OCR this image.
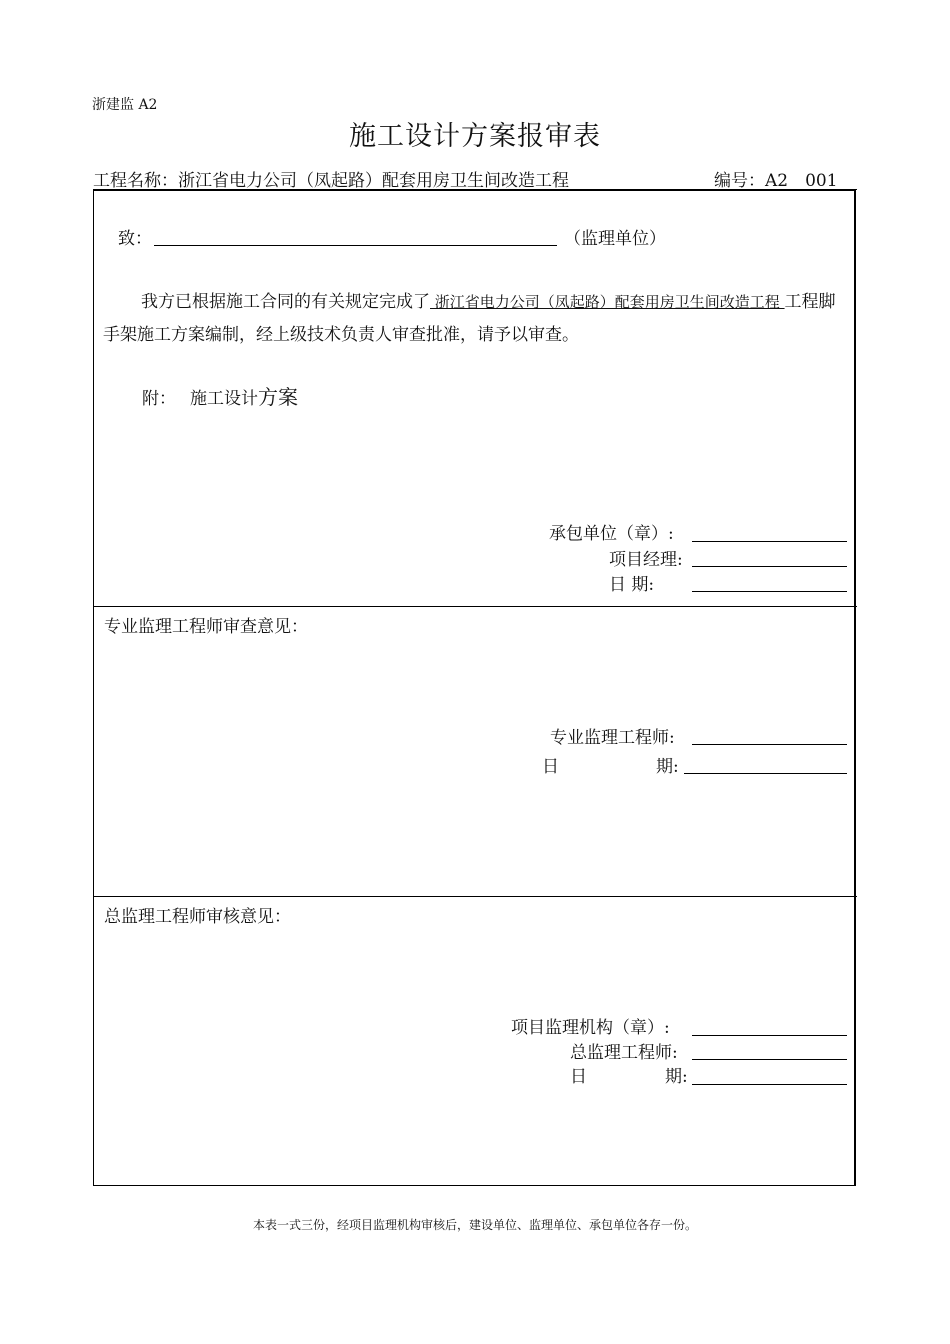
浙建监 A2
施工设计方案报审表
工程名称：浙江省电力公司（凤起路）配套用房卫生间改造工程	编号：A2__001
致：	（监理单位）
我方已根据施工合同的有关规定完成了 浙江省电力公司（凤起路）配套用房卫生间改造工程 工程脚手架施工方案编制，经上级技术负责人审查批准，请予以审查。
附： 施工设计方案
承包单位（章）:
项目经理:
日 期:
专业监理工程师审查意见：
专业监理工程师:
日	期:
总监理工程师审核意见：
项目监理机构（章）:
总监理工程师:
日	期:
本表一式三份，经项目监理机构审核后，建设单位、监理单位、承包单位各存一份。
